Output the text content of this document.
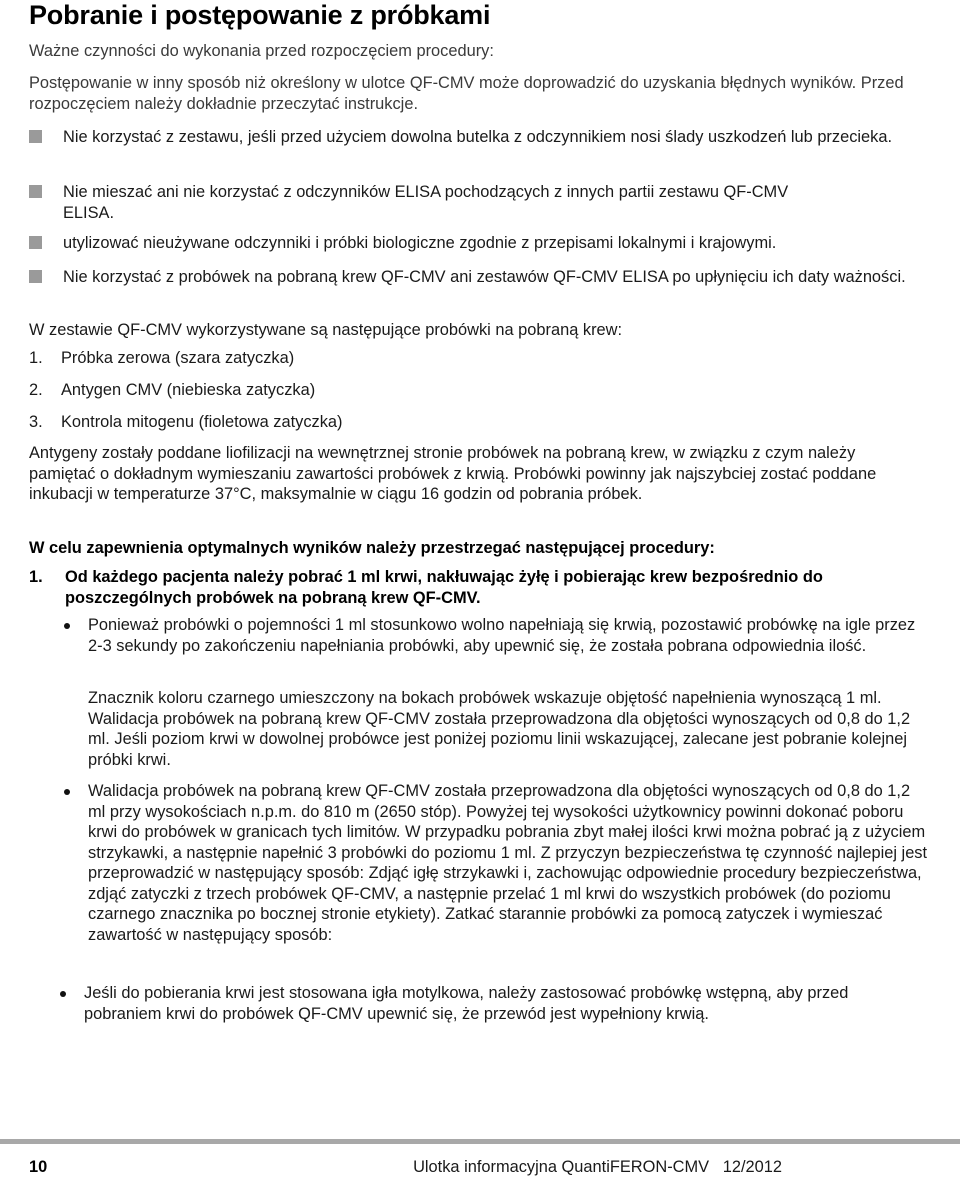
Pobranie i postępowanie z próbkami

Ważne czynności do wykonania przed rozpoczęciem procedury:

Postępowanie w inny sposób niż określony w ulotce QF-CMV może doprowadzić do uzyskania błędnych wyników. Przed rozpoczęciem należy dokładnie przeczytać instrukcje.

Nie korzystać z zestawu, jeśli przed użyciem dowolna butelka z odczynnikiem nosi ślady uszkodzeń lub przecieka.
Nie mieszać ani nie korzystać z odczynników ELISA pochodzących z innych partii zestawu QF-CMV ELISA.
utylizować nieużywane odczynniki i próbki biologiczne zgodnie z przepisami lokalnymi i krajowymi.
Nie korzystać z probówek na pobraną krew QF-CMV ani zestawów QF-CMV ELISA po upłynięciu ich daty ważności.

W zestawie QF-CMV wykorzystywane są następujące probówki na pobraną krew:

1. Próbka zerowa (szara zatyczka)
2. Antygen CMV (niebieska zatyczka)
3. Kontrola mitogenu (fioletowa zatyczka)

Antygeny zostały poddane liofilizacji na wewnętrznej stronie probówek na pobraną krew, w związku z czym należy pamiętać o dokładnym wymieszaniu zawartości probówek z krwią. Probówki powinny jak najszybciej zostać poddane inkubacji w temperaturze 37°C, maksymalnie w ciągu 16 godzin od pobrania próbek.

W celu zapewnienia optymalnych wyników należy przestrzegać następującej procedury:

1. Od każdego pacjenta należy pobrać 1 ml krwi, nakłuwając żyłę i pobierając krew bezpośrednio do poszczególnych probówek na pobraną krew QF-CMV.
Ponieważ probówki o pojemności 1 ml stosunkowo wolno napełniają się krwią, pozostawić probówkę na igle przez 2-3 sekundy po zakończeniu napełniania probówki, aby upewnić się, że została pobrana odpowiednia ilość.
Znacznik koloru czarnego umieszczony na bokach probówek wskazuje objętość napełnienia wynoszącą 1 ml. Walidacja probówek na pobraną krew QF-CMV została przeprowadzona dla objętości wynoszących od 0,8 do 1,2 ml. Jeśli poziom krwi w dowolnej probówce jest poniżej poziomu linii wskazującej, zalecane jest pobranie kolejnej próbki krwi.
Walidacja probówek na pobraną krew QF-CMV została przeprowadzona dla objętości wynoszących od 0,8 do 1,2 ml przy wysokościach n.p.m. do 810 m (2650 stóp). Powyżej tej wysokości użytkownicy powinni dokonać poboru krwi do probówek w granicach tych limitów. W przypadku pobrania zbyt małej ilości krwi można pobrać ją z użyciem strzykawki, a następnie napełnić 3 probówki do poziomu 1 ml. Z przyczyn bezpieczeństwa tę czynność najlepiej jest przeprowadzić w następujący sposób: Zdjąć igłę strzykawki i, zachowując odpowiednie procedury bezpieczeństwa, zdjąć zatyczki z trzech probówek QF-CMV, a następnie przelać 1 ml krwi do wszystkich probówek (do poziomu czarnego znacznika po bocznej stronie etykiety). Zatkać starannie probówki za pomocą zatyczek i wymieszać zawartość w następujący sposób:
Jeśli do pobierania krwi jest stosowana igła motylkowa, należy zastosować probówkę wstępną, aby przed pobraniem krwi do probówek QF-CMV upewnić się, że przewód jest wypełniony krwią.
10	Ulotka informacyjna QuantiFERON-CMV   12/2012
